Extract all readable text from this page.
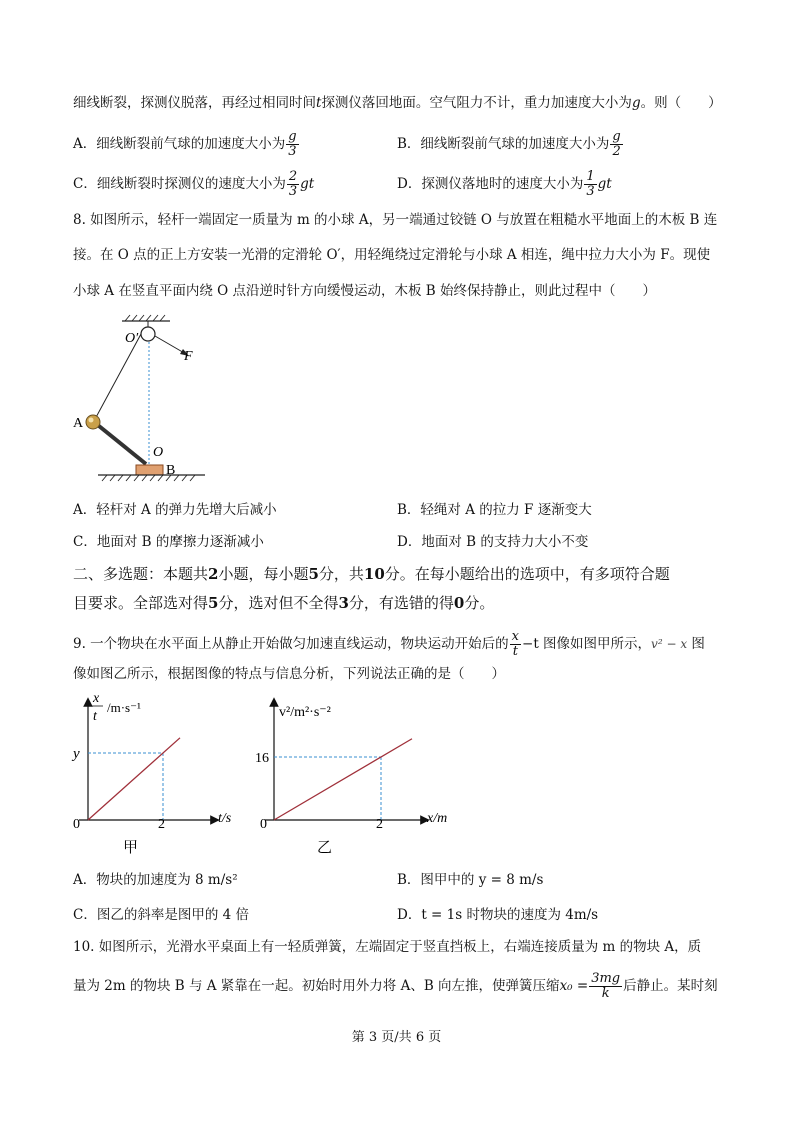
细线断裂，探测仪脱落，再经过相同时间t探测仪落回地面。空气阻力不计，重力加速度大小为g。则（　　）
A．细线断裂前气球的加速度大小为 $\frac{g}{3}$	B．细线断裂前气球的加速度大小为 $\frac{g}{2}$
C．细线断裂时探测仪的速度大小为 $\frac{2}{3}$ gt	D．探测仪落地时的速度大小为 $\frac{1}{3}$ gt
8. 如图所示，轻杆一端固定一质量为 m 的小球 A，另一端通过铰链 O 与放置在粗糙水平地面上的木板 B 连
接。在 O 点的正上方安装一光滑的定滑轮 O′，用轻绳绕过定滑轮与小球 A 相连，绳中拉力大小为 F。现使
小球 A 在竖直平面内绕 O 点沿逆时针方向缓慢运动，木板 B 始终保持静止，则此过程中（　　）
O′
F
A
O
B
A．轻杆对 A 的弹力先增大后减小	B．轻绳对 A 的拉力 F 逐渐变大
C．地面对 B 的摩擦力逐渐减小	D．地面对 B 的支持力大小不变
二、多选题：本题共2小题，每小题5分，共10分。在每小题给出的选项中，有多项符合题
目要求。全部选对得5分，选对但不全得3分，有选错的得0分。
9. 一个物块在水平面上从静止开始做匀加速直线运动，物块运动开始后的 $\frac{x}{t} -t$ 图像如图甲所示，v² − x 图
像如图乙所示，根据图像的特点与信息分析，下列说法正确的是（　　）
x
t
/m·s⁻¹
t/s
0
y
2
甲
v²/m²·s⁻²
x/m
0
16
2
乙
A．物块的加速度为 8 m/s²	B．图甲中的 y = 8 m/s
C．图乙的斜率是图甲的 4 倍	D．t = 1s 时物块的速度为 4m/s
10. 如图所示，光滑水平桌面上有一轻质弹簧，左端固定于竖直挡板上，右端连接质量为 m 的物块 A，质
量为 2m 的物块 B 与 A 紧靠在一起。初始时用外力将 A、B 向左推，使弹簧压缩$x_0 = \frac{3mg}{k}$ 后静止。某时刻
第 3 页/共 6 页
